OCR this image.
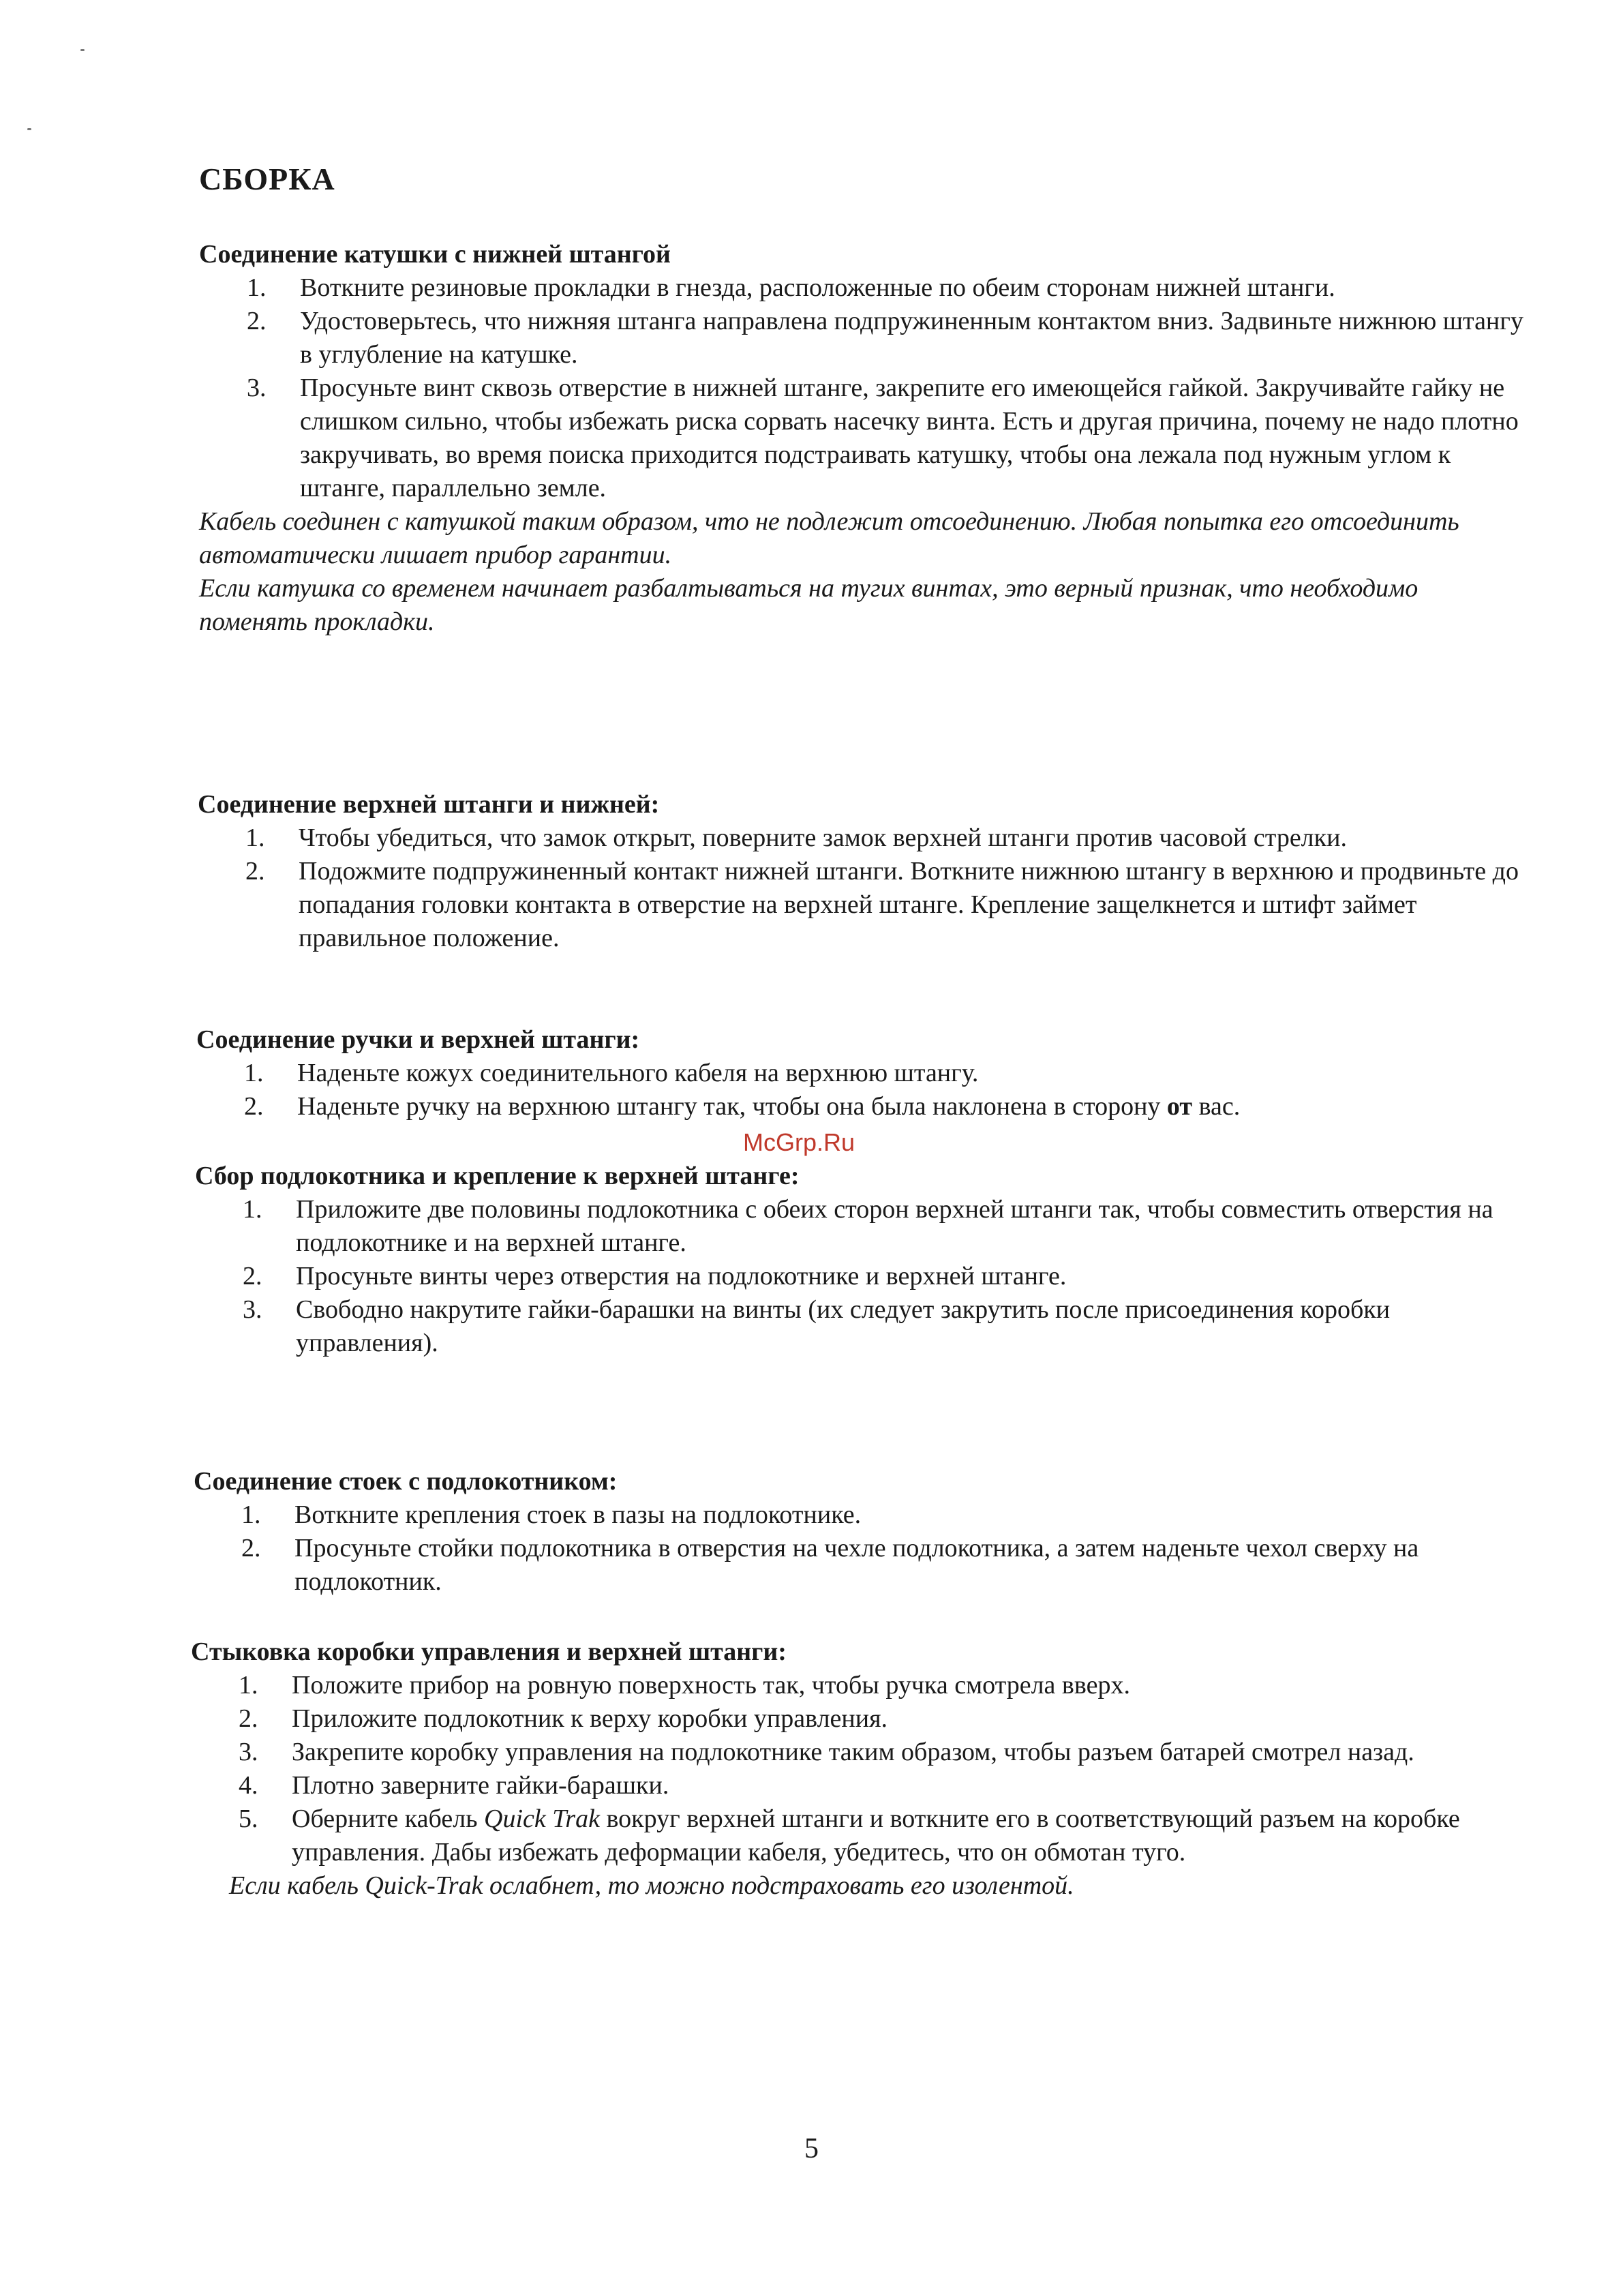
СБОРКА
Соединение катушки с нижней штангой
1. Воткните резиновые прокладки в гнезда, расположенные по обеим сторонам нижней штанги.
2. Удостоверьтесь, что нижняя штанга направлена подпружиненным контактом вниз. Задвиньте нижнюю штангу в углубление на катушке.
3. Просуньте винт сквозь отверстие в нижней штанге, закрепите его имеющейся гайкой. Закручивайте гайку не слишком сильно, чтобы избежать риска сорвать насечку винта. Есть и другая причина, почему не надо плотно закручивать, во время поиска приходится подстраивать катушку, чтобы она лежала под нужным углом к штанге, параллельно земле.
Кабель соединен с катушкой таким образом, что не подлежит отсоединению. Любая попытка его отсоединить автоматически лишает прибор гарантии.
Если катушка со временем начинает разбалтываться на тугих винтах, это верный признак, что необходимо поменять прокладки.
Соединение верхней штанги и нижней:
1. Чтобы убедиться, что замок открыт, поверните замок верхней штанги против часовой стрелки.
2. Подожмите подпружиненный контакт нижней штанги. Воткните нижнюю штангу в верхнюю и продвиньте до попадания головки контакта в отверстие на верхней штанге. Крепление защелкнется и штифт займет правильное положение.
Соединение ручки и верхней штанги:
1. Наденьте кожух соединительного кабеля на верхнюю штангу.
2. Наденьте ручку на верхнюю штангу так, чтобы она была наклонена в сторону от вас.
McGrp.Ru
Сбор подлокотника и крепление к верхней штанге:
1. Приложите две половины подлокотника с обеих сторон верхней штанги так, чтобы совместить отверстия на подлокотнике и на верхней штанге.
2. Просуньте винты через отверстия на подлокотнике и верхней штанге.
3. Свободно накрутите гайки-барашки на винты (их следует закрутить после присоединения коробки управления).
Соединение стоек с подлокотником:
1. Воткните крепления стоек в пазы на подлокотнике.
2. Просуньте стойки подлокотника в отверстия на чехле подлокотника, а затем наденьте чехол сверху на подлокотник.
Стыковка коробки управления и верхней штанги:
1. Положите прибор на ровную поверхность так, чтобы ручка смотрела вверх.
2. Приложите подлокотник к верху коробки управления.
3. Закрепите коробку управления на подлокотнике таким образом, чтобы разъем батарей смотрел назад.
4. Плотно заверните гайки-барашки.
5. Оберните кабель Quick Trak вокруг верхней штанги и воткните его в соответствующий разъем на коробке управления. Дабы избежать деформации кабеля, убедитесь, что он обмотан туго.
Если кабель Quick-Trak ослабнет, то можно подстраховать его изолентой.
5
